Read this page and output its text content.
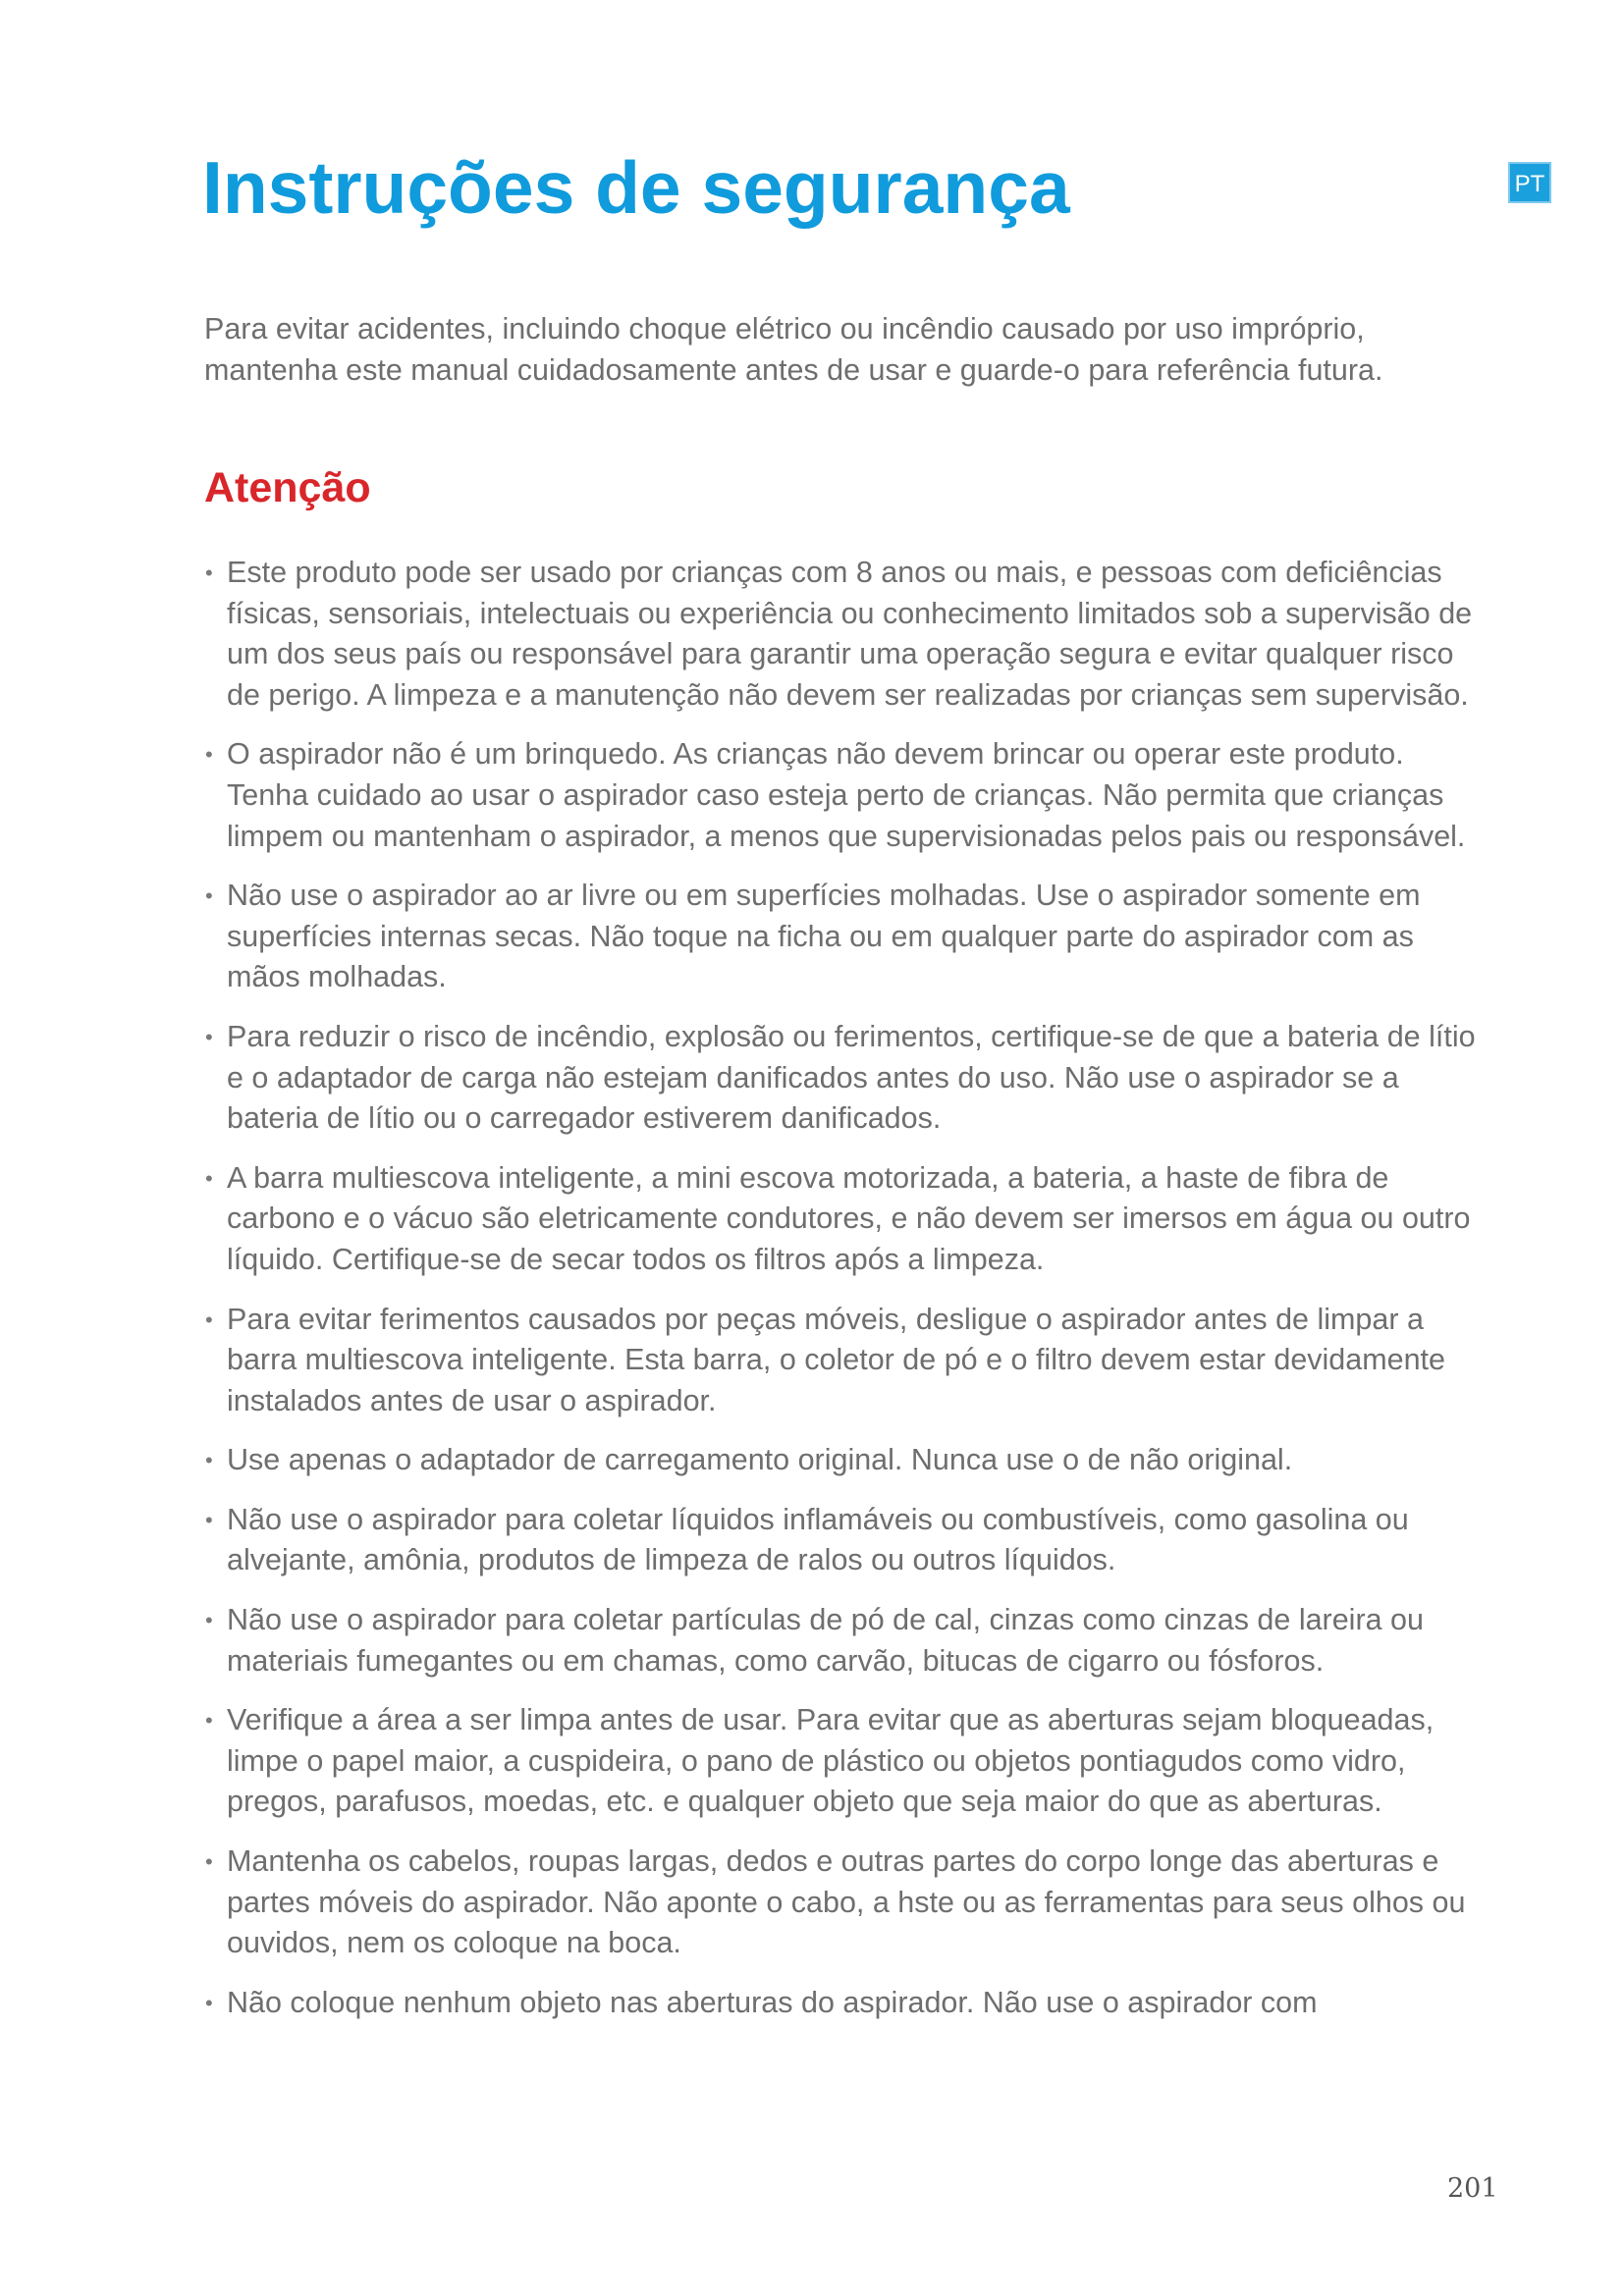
Instruções de segurança	PT

Para evitar acidentes, incluindo choque elétrico ou incêndio causado por uso impróprio, mantenha este manual cuidadosamente antes de usar e guarde-o para referência futura.

Atenção
• Este produto pode ser usado por crianças com 8 anos ou mais, e pessoas com deficiências físicas, sensoriais, intelectuais ou experiência ou conhecimento limitados sob a supervisão de um dos seus país ou responsável para garantir uma operação segura e evitar qualquer risco de perigo. A limpeza e a manutenção não devem ser realizadas por crianças sem supervisão.
• O aspirador não é um brinquedo. As crianças não devem brincar ou operar este produto. Tenha cuidado ao usar o aspirador caso esteja perto de crianças. Não permita que crianças limpem ou mantenham o aspirador, a menos que supervisionadas pelos pais ou responsável.
• Não use o aspirador ao ar livre ou em superfícies molhadas. Use o aspirador somente em superfícies internas secas. Não toque na ficha ou em qualquer parte do aspirador com as mãos molhadas.
• Para reduzir o risco de incêndio, explosão ou ferimentos, certifique-se de que a bateria de lítio e o adaptador de carga não estejam danificados antes do uso. Não use o aspirador se a bateria de lítio ou o carregador estiverem danificados.
• A barra multiescova inteligente, a mini escova motorizada, a bateria, a haste de fibra de carbono e o vácuo são eletricamente condutores, e não devem ser imersos em água ou outro líquido. Certifique-se de secar todos os filtros após a limpeza.
• Para evitar ferimentos causados por peças móveis, desligue o aspirador antes de limpar a barra multiescova inteligente. Esta barra, o coletor de pó e o filtro devem estar devidamente instalados antes de usar o aspirador.
• Use apenas o adaptador de carregamento original. Nunca use o de não original.
• Não use o aspirador para coletar líquidos inflamáveis ou combustíveis, como gasolina ou alvejante, amônia, produtos de limpeza de ralos ou outros líquidos.
• Não use o aspirador para coletar partículas de pó de cal, cinzas como cinzas de lareira ou materiais fumegantes ou em chamas, como carvão, bitucas de cigarro ou fósforos.
• Verifique a área a ser limpa antes de usar. Para evitar que as aberturas sejam bloqueadas, limpe o papel maior, a cuspideira, o pano de plástico ou objetos pontiagudos como vidro, pregos, parafusos, moedas, etc. e qualquer objeto que seja maior do que as aberturas.
• Mantenha os cabelos, roupas largas, dedos e outras partes do corpo longe das aberturas e partes móveis do aspirador. Não aponte o cabo, a hste ou as ferramentas para seus olhos ou ouvidos, nem os coloque na boca.
• Não coloque nenhum objeto nas aberturas do aspirador. Não use o aspirador com
201
